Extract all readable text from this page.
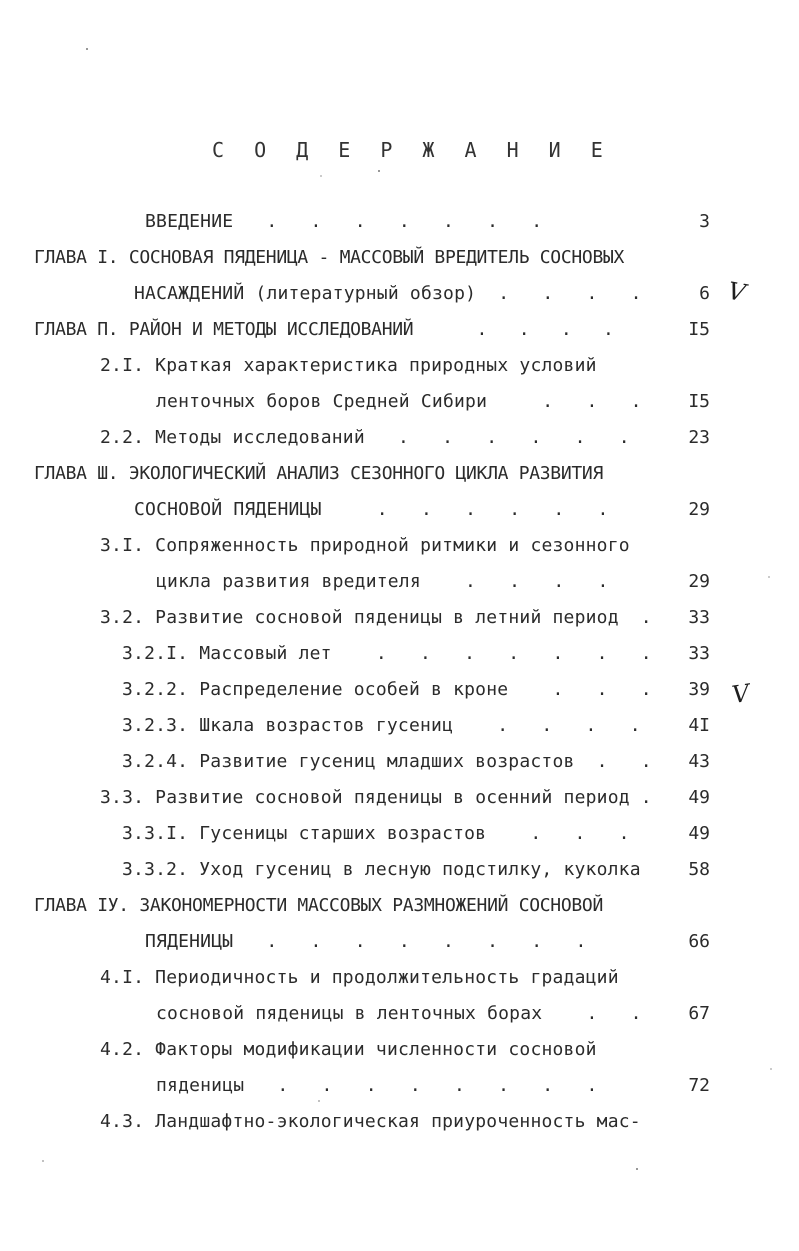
С О Д Е Р Ж А Н И Е
ВВЕДЕНИЕ   .   .   .   .   .   .   .	3
ГЛАВА I. СОСНОВАЯ ПЯДЕНИЦА - МАССОВЫЙ ВРЕДИТЕЛЬ СОСНОВЫХ
НАСАЖДЕНИЙ (литературный обзор)  .   .   .   .	6
ГЛАВА П. РАЙОН И МЕТОДЫ ИССЛЕДОВАНИЙ      .   .   .   .	I5
2.I. Краткая характеристика природных условий
ленточных боров Средней Сибири     .   .   .	I5
2.2. Методы исследований   .   .   .   .   .   .	23
ГЛАВА Ш. ЭКОЛОГИЧЕСКИЙ АНАЛИЗ СЕЗОННОГО ЦИКЛА РАЗВИТИЯ
СОСНОВОЙ ПЯДЕНИЦЫ     .   .   .   .   .   .	29
3.I. Сопряженность природной ритмики и сезонного
цикла развития вредителя    .   .   .   .	29
3.2. Развитие сосновой пяденицы в летний период  .	33
3.2.I. Массовый лет    .   .   .   .   .   .   .	33
3.2.2. Распределение особей в кроне    .   .   .	39
3.2.3. Шкала возрастов гусениц    .   .   .   .	4I
3.2.4. Развитие гусениц младших возрастов  .   .	43
3.3. Развитие сосновой пяденицы в осенний период .	49
3.3.I. Гусеницы старших возрастов    .   .   .	49
3.3.2. Уход гусениц в лесную подстилку, куколка	58
ГЛАВА IУ. ЗАКОНОМЕРНОСТИ МАССОВЫХ РАЗМНОЖЕНИЙ СОСНОВОЙ
ПЯДЕНИЦЫ   .   .   .   .   .   .   .   .	66
4.I. Периодичность и продолжительность градаций
сосновой пяденицы в ленточных борах    .   .	67
4.2. Факторы модификации численности сосновой
пяденицы   .   .   .   .   .   .   .   .	72
4.3. Ландшафтно-экологическая приуроченность мас-
V
V
